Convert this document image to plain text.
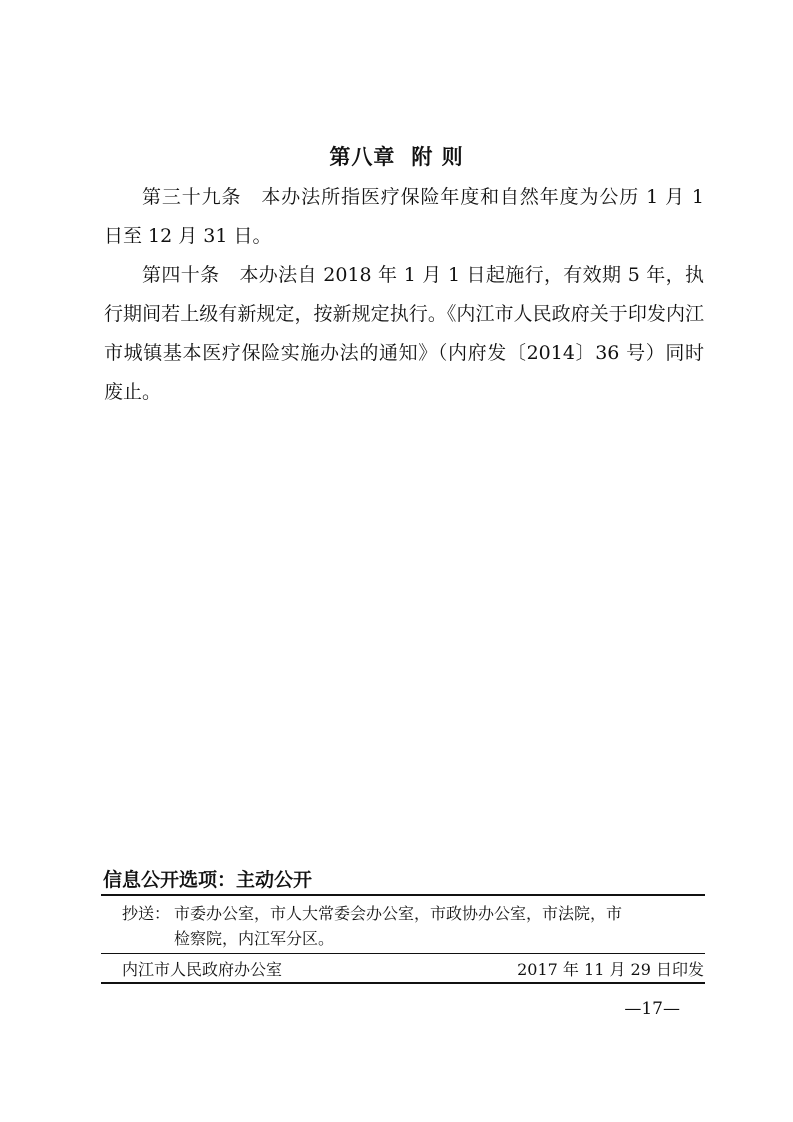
第八章 附 则

第三十九条 本办法所指医疗保险年度和自然年度为公历 1 月 1 日至 12 月 31 日。

第四十条 本办法自 2018 年 1 月 1 日起施行，有效期 5 年，执行期间若上级有新规定，按新规定执行。《内江市人民政府关于印发内江市城镇基本医疗保险实施办法的通知》（内府发〔2014〕36 号）同时废止。

信息公开选项：主动公开
抄送： 市委办公室，市人大常委会办公室，市政协办公室，市法院，市
检察院，内江军分区。
内江市人民政府办公室	2017 年 11 月 29 日印发
—17—
